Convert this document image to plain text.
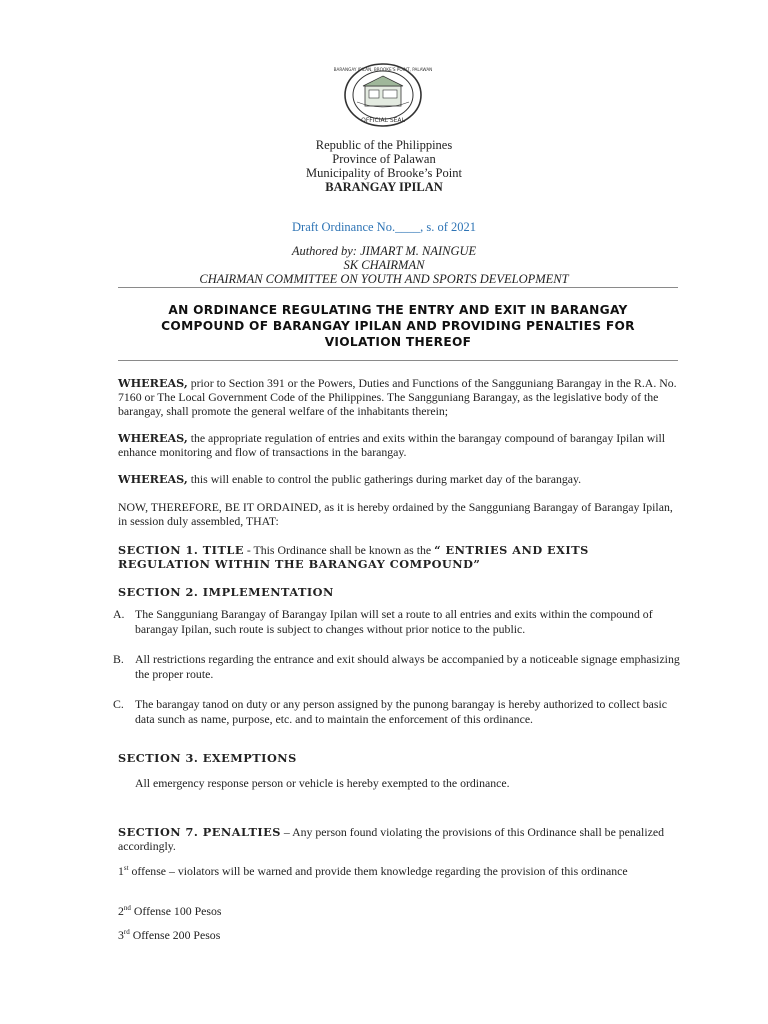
OFFICIAL SEAL
BARANGAY IPILAN, BROOKE'S POINT, PALAWAN
Republic of the Philippines
Province of Palawan
Municipality of Brooke’s Point
BARANGAY IPILAN
Draft Ordinance No.____, s. of 2021
Authored by: JIMART M. NAINGUE
SK CHAIRMAN
CHAIRMAN COMMITTEE ON YOUTH AND SPORTS DEVELOPMENT
AN ORDINANCE REGULATING THE ENTRY AND EXIT IN BARANGAY
COMPOUND OF BARANGAY IPILAN AND PROVIDING PENALTIES FOR
VIOLATION THEREOF
WHEREAS, prior to Section 391 or the Powers, Duties and Functions of the Sangguniang Barangay in the R.A. No. 7160 or The Local Government Code of the Philippines. The Sangguniang Barangay, as the legislative body of the barangay, shall promote the general welfare of the inhabitants therein;
WHEREAS, the appropriate regulation of entries and exits within the barangay compound of barangay Ipilan will enhance monitoring and flow of transactions in the barangay.
WHEREAS, this will enable to control the public gatherings during market day of the barangay.
NOW, THEREFORE, BE IT ORDAINED, as it is hereby ordained by the Sangguniang Barangay of Barangay Ipilan, in session duly assembled, THAT:
SECTION 1. TITLE - This Ordinance shall be known as the “ ENTRIES AND EXITS REGULATION WITHIN THE BARANGAY COMPOUND”
SECTION 2. IMPLEMENTATION
A. The Sangguniang Barangay of Barangay Ipilan will set a route to all entries and exits within the compound of barangay Ipilan, such route is subject to changes without prior notice to the public.
B. All restrictions regarding the entrance and exit should always be accompanied by a noticeable signage emphasizing the proper route.
C. The barangay tanod on duty or any person assigned by the punong barangay is hereby authorized to collect basic data sunch as name, purpose, etc. and to maintain the enforcement of this ordinance.
SECTION 3. EXEMPTIONS
All emergency response person or vehicle is hereby exempted to the ordinance.
SECTION 7. PENALTIES – Any person found violating the provisions of this Ordinance shall be penalized accordingly.
1st offense – violators will be warned and provide them knowledge regarding the provision of this ordinance
2nd Offense 100 Pesos
3rd Offense 200 Pesos
